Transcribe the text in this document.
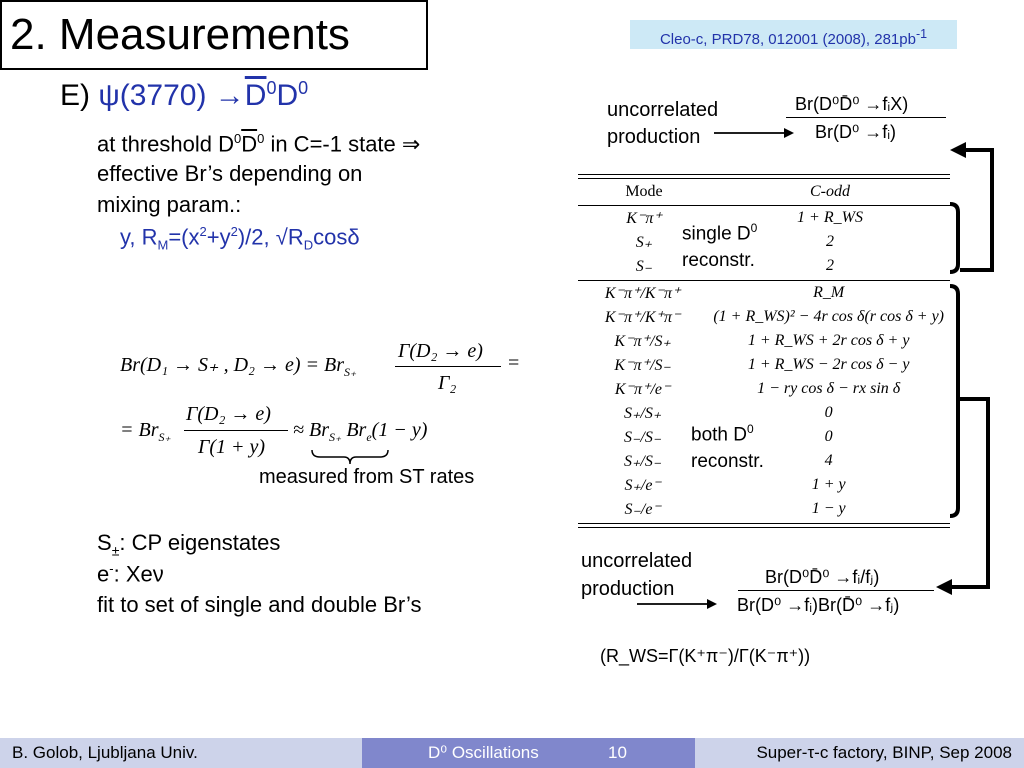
2. Measurements	Cleo-c, PRD78, 012001 (2008), $281pb^{-1}$
E) $\psi(3770) \to\overline{D}^0D^0$
at threshold $D^0\overline{D}^0$ in C=-1 state ⇒
effective Br’s depending on
mixing param.:
y, $R_M=(x^2+y^2)/2$, $√R_D\cos\delta$
Br(D₁ → S₊ , $D_2 \to e) = Br_{S_+}$
Γ(D₂ → e)
Γ₂
=
= $Br_{S_+}$
Γ(D₂ → e)
Γ(1 + y)
≈ $Br_{S_+}$ $Br_e(1 - y)$
measured from ST rates
$S_\pm$: CP eigenstates
e-: Xeν
fit to set of single and double Br’s
uncorrelated
production
Br(D⁰D̄⁰ →fᵢX)
Br(D⁰ →fᵢ)
Mode	C-odd
K⁻π⁺	1 + R_WS
S₊	2
S₋	2
K⁻π⁺/K⁻π⁺	R_M
K⁻π⁺/K⁺π⁻	(1 + R_WS)² − 4r cos δ(r cos δ + y)
K⁻π⁺/S₊	1 + R_WS + 2r cos δ + y
K⁻π⁺/S₋	1 + R_WS − 2r cos δ − y
K⁻π⁺/e⁻	1 − ry cos δ − rx sin δ
S₊/S₊	0
S₋/S₋	0
S₊/S₋	4
S₊/e⁻	1 + y
S₋/e⁻	1 − y
single $D^0$
reconstr.
both $D^0$
reconstr.
uncorrelated
production
Br(D⁰D̄⁰ →fᵢ/fⱼ)
Br(D⁰ →fᵢ)Br(D̄⁰ →fⱼ)
(R_WS=Γ(K⁺π⁻)/Γ(K⁻π⁺))
B. Golob, Ljubljana Univ.	D⁰ Oscillations	10	Super-τ-c factory, BINP, Sep 2008
